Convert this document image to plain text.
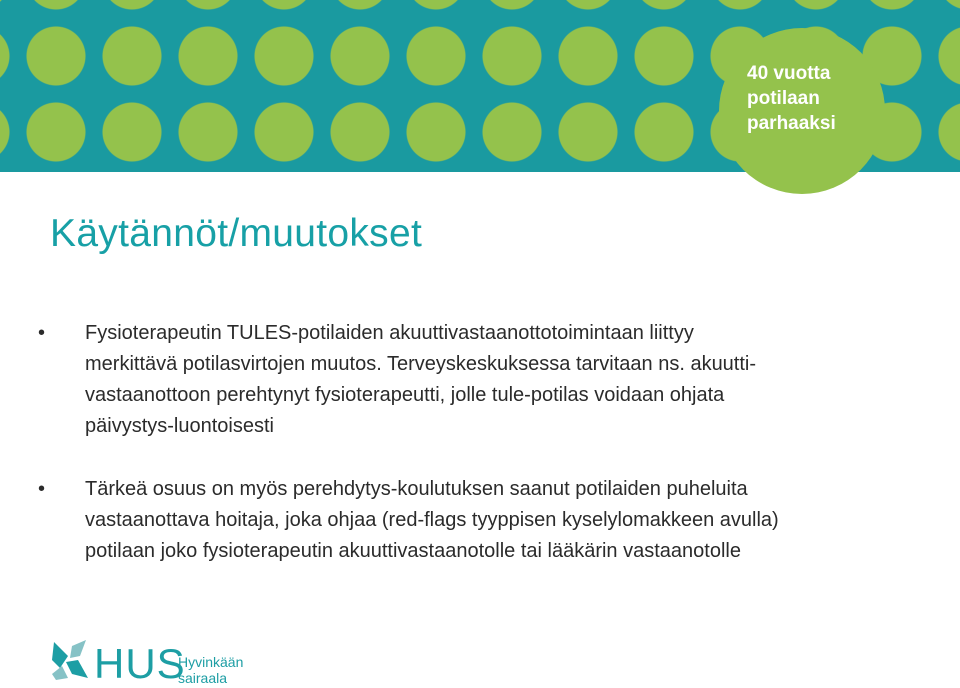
40 vuotta
potilaan
parhaaksi
Käytännöt/muutokset
• Fysioterapeutin TULES-potilaiden akuuttivastaanottotoimintaan liittyy merkittävä potilasvirtojen muutos. Terveyskeskuksessa tarvitaan ns. akuutti-vastaanottoon perehtynyt fysioterapeutti, jolle tule-potilas voidaan ohjata päivystys-luontoisesti
• Tärkeä osuus on myös perehdytys-koulutuksen saanut potilaiden puheluita vastaanottava hoitaja, joka ohjaa (red-flags tyyppisen kyselylomakkeen avulla) potilaan joko fysioterapeutin akuuttivastaanotolle tai lääkärin vastaanotolle
HUS
Hyvinkään
sairaala
